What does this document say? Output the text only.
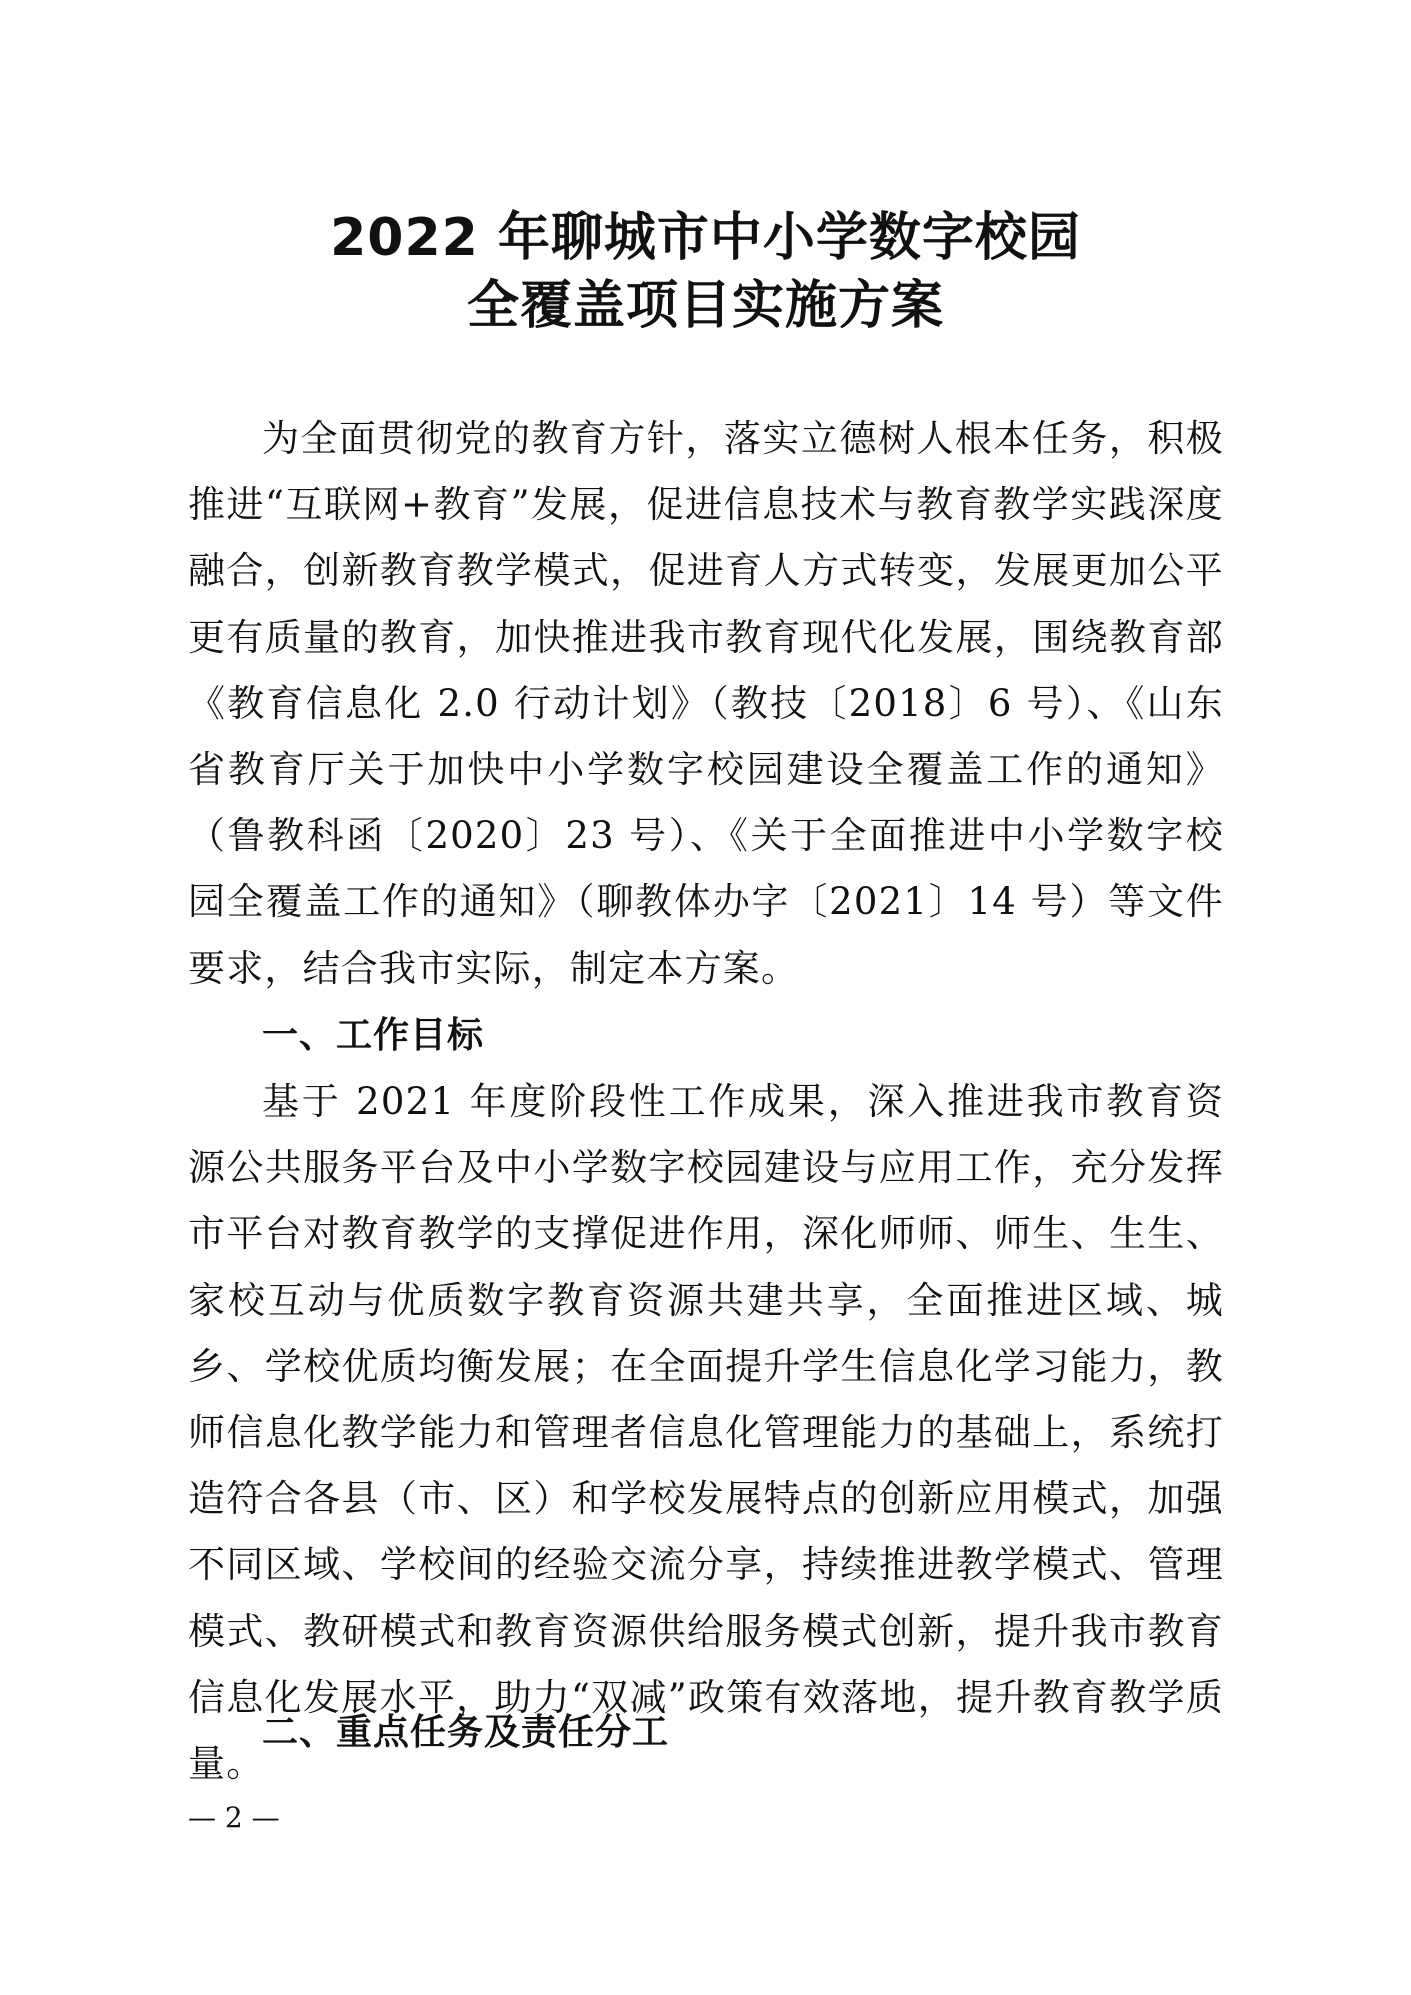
2022 年聊城市中小学数字校园
全覆盖项目实施方案

为全面贯彻党的教育方针，落实立德树人根本任务，积极推进“互联网+教育”发展，促进信息技术与教育教学实践深度融合，创新教育教学模式，促进育人方式转变，发展更加公平更有质量的教育，加快推进我市教育现代化发展，围绕教育部《教育信息化 2.0 行动计划》（教技〔2018〕6 号）、《山东省教育厅关于加快中小学数字校园建设全覆盖工作的通知》（鲁教科函〔2020〕23 号）、《关于全面推进中小学数字校园全覆盖工作的通知》（聊教体办字〔2021〕14 号）等文件要求，结合我市实际，制定本方案。

一、工作目标

基于 2021 年度阶段性工作成果，深入推进我市教育资源公共服务平台及中小学数字校园建设与应用工作，充分发挥市平台对教育教学的支撑促进作用，深化师师、师生、生生、家校互动与优质数字教育资源共建共享，全面推进区域、城乡、学校优质均衡发展；在全面提升学生信息化学习能力，教师信息化教学能力和管理者信息化管理能力的基础上，系统打造符合各县（市、区）和学校发展特点的创新应用模式，加强不同区域、学校间的经验交流分享，持续推进教学模式、管理模式、教研模式和教育资源供给服务模式创新，提升我市教育信息化发展水平，助力“双减”政策有效落地，提升教育教学质量。

二、重点任务及责任分工
— 2 —
